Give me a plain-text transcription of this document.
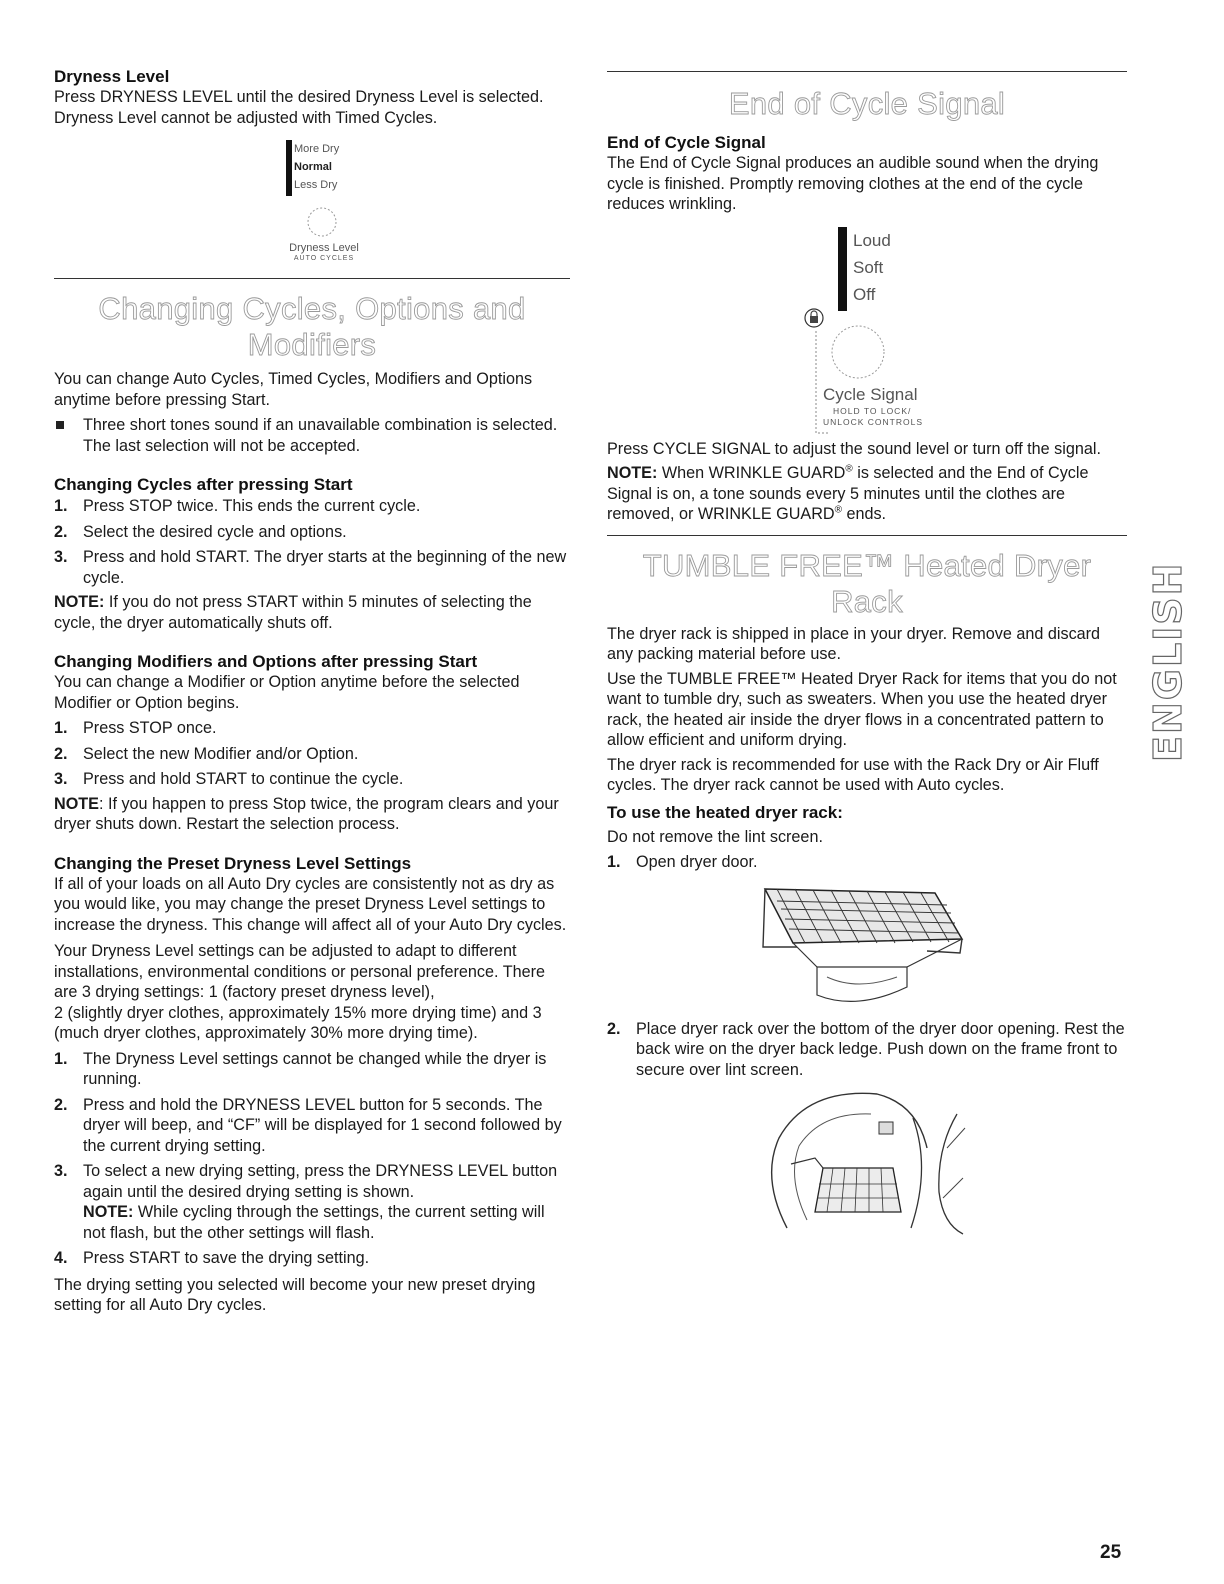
Dryness Level

Press DRYNESS LEVEL until the desired Dryness Level is selected. Dryness Level cannot be adjusted with Timed Cycles.

More Dry
Normal
Less Dry
Dryness Level
AUTO CYCLES
Changing Cycles, Options and Modifiers

You can change Auto Cycles, Timed Cycles, Modifiers and Options anytime before pressing Start.

Three short tones sound if an unavailable combination is selected. The last selection will not be accepted.
Changing Cycles after pressing Start
1. Press STOP twice. This ends the current cycle.
2. Select the desired cycle and options.
3. Press and hold START. The dryer starts at the beginning of the new cycle.

NOTE: If you do not press START within 5 minutes of selecting the cycle, the dryer automatically shuts off.

Changing Modifiers and Options after pressing Start

You can change a Modifier or Option anytime before the selected Modifier or Option begins.

1. Press STOP once.
2. Select the new Modifier and/or Option.
3. Press and hold START to continue the cycle.

NOTE: If you happen to press Stop twice, the program clears and your dryer shuts down. Restart the selection process.

Changing the Preset Dryness Level Settings

If all of your loads on all Auto Dry cycles are consistently not as dry as you would like, you may change the preset Dryness Level settings to increase the dryness. This change will affect all of your Auto Dry cycles.

Your Dryness Level settings can be adjusted to adapt to different installations, environmental conditions or personal preference. There are 3 drying settings: 1 (factory preset dryness level),

2 (slightly dryer clothes, approximately 15% more drying time) and 3 (much dryer clothes, approximately 30% more drying time).

1. The Dryness Level settings cannot be changed while the dryer is running.
2. Press and hold the DRYNESS LEVEL button for 5 seconds. The dryer will beep, and “CF” will be displayed for 1 second followed by the current drying setting.
3. To select a new drying setting, press the DRYNESS LEVEL button again until the desired drying setting is shown.
NOTE: While cycling through the settings, the current setting will not flash, but the other settings will flash.
4. Press START to save the drying setting.

The drying setting you selected will become your new preset drying setting for all Auto Dry cycles.

End of Cycle Signal
End of Cycle Signal

The End of Cycle Signal produces an audible sound when the drying cycle is finished. Promptly removing clothes at the end of the cycle reduces wrinkling.

Loud
Soft
Off
Cycle Signal
HOLD TO LOCK/
UNLOCK CONTROLS

Press CYCLE SIGNAL to adjust the sound level or turn off the signal.

NOTE: When WRINKLE GUARD® is selected and the End of Cycle Signal is on, a tone sounds every 5 minutes until the clothes are removed, or WRINKLE GUARD® ends.

TUMBLE FREE™ Heated Dryer Rack

The dryer rack is shipped in place in your dryer. Remove and discard any packing material before use.

Use the TUMBLE FREE™ Heated Dryer Rack for items that you do not want to tumble dry, such as sweaters. When you use the heated dryer rack, the heated air inside the dryer flows in a concentrated pattern to allow efficient and uniform drying.

The dryer rack is recommended for use with the Rack Dry or Air Fluff cycles. The dryer rack cannot be used with Auto cycles.

To use the heated dryer rack:

Do not remove the lint screen.

1. Open dryer door.
2. Place dryer rack over the bottom of the dryer door opening. Rest the back wire on the dryer back ledge. Push down on the frame front to secure over lint screen.
ENGLISH
25
